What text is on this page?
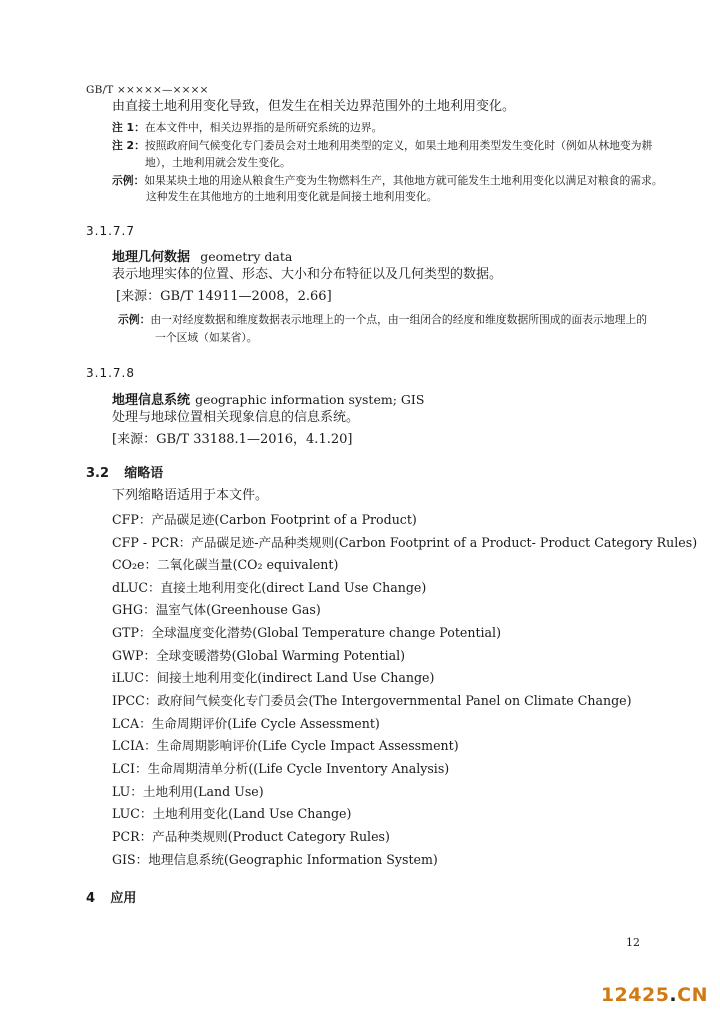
GB/T ×××××—××××
由直接土地利用变化导致，但发生在相关边界范围外的土地利用变化。
注 1：在本文件中，相关边界指的是所研究系统的边界。
注 2：按照政府间气候变化专门委员会对土地利用类型的定义，如果土地利用类型发生变化时（例如从林地变为耕
地），土地利用就会发生变化。
示例：如果某块土地的用途从粮食生产变为生物燃料生产，其他地方就可能发生土地利用变化以满足对粮食的需求。
这种发生在其他地方的土地利用变化就是间接土地利用变化。
3.1.7.7
地理几何数据 geometry data
表示地理实体的位置、形态、大小和分布特征以及几何类型的数据。
[来源：GB/T 14911—2008，2.66]
示例：由一对经度数据和维度数据表示地理上的一个点，由一组闭合的经度和维度数据所围成的面表示地理上的
一个区域（如某省）。
3.1.7.8
地理信息系统 geographic information system; GIS
处理与地球位置相关现象信息的信息系统。
[来源：GB/T 33188.1—2016，4.1.20]
3.2 缩略语
下列缩略语适用于本文件。
CFP：产品碳足迹(Carbon Footprint of a Product)
CFP - PCR：产品碳足迹-产品种类规则(Carbon Footprint of a Product- Product Category Rules)
CO₂e：二氧化碳当量(CO₂ equivalent)
dLUC：直接土地利用变化(direct Land Use Change)
GHG：温室气体(Greenhouse Gas)
GTP：全球温度变化潜势(Global Temperature change Potential)
GWP：全球变暖潜势(Global Warming Potential)
iLUC：间接土地利用变化(indirect Land Use Change)
IPCC：政府间气候变化专门委员会(The Intergovernmental Panel on Climate Change)
LCA：生命周期评价(Life Cycle Assessment)
LCIA：生命周期影响评价(Life Cycle Impact Assessment)
LCI：生命周期清单分析((Life Cycle Inventory Analysis)
LU：土地利用(Land Use)
LUC：土地利用变化(Land Use Change)
PCR：产品种类规则(Product Category Rules)
GIS：地理信息系统(Geographic Information System)
4 应用
12
12425.CN
